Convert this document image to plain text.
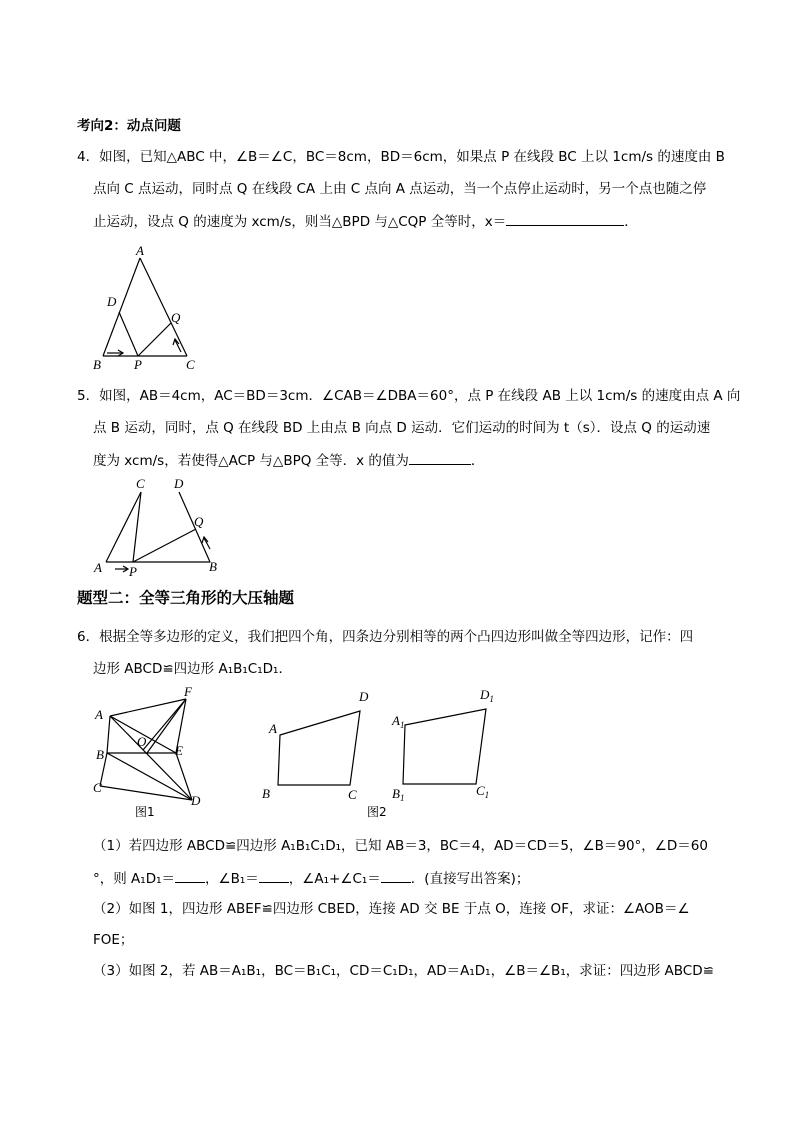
考向2：动点问题
4．如图，已知△ABC 中，∠B＝∠C，BC＝8cm，BD＝6cm，如果点 P 在线段 BC 上以 1cm/s 的速度由 B
点向 C 点运动，同时点 Q 在线段 CA 上由 C 点向 A 点运动，当一个点停止运动时，另一个点也随之停
止运动，设点 Q 的速度为 xcm/s，则当△BPD 与△CQP 全等时，x＝	．
A
D
Q
B	P	C
5．如图，AB＝4cm，AC＝BD＝3cm．∠CAB＝∠DBA＝60°，点 P 在线段 AB 上以 1cm/s 的速度由点 A 向
点 B 运动，同时，点 Q 在线段 BD 上由点 B 向点 D 运动．它们运动的时间为 t（s）．设点 Q 的运动速
度为 xcm/s，若使得△ACP 与△BPQ 全等．x 的值为	．
C D
Q
A P	B
题型二：全等三角形的大压轴题
6．根据全等多边形的定义，我们把四个角，四条边分别相等的两个凸四边形叫做全等四边形，记作：四
边形 ABCD≌四边形 A₁B₁C₁D₁．
A
F
O
B	E
C
D
图1
A
D
B	C
$A_1$
$D_1$
$B_1$	$C_1$
图2
（1）若四边形 ABCD≌四边形 A₁B₁C₁D₁，已知 AB＝3，BC＝4，AD＝CD＝5，∠B＝90°，∠D＝60
°，则 A₁D₁＝ ，∠B₁＝ ，∠A₁+∠C₁＝ ．(直接写出答案)；
（2）如图 1，四边形 ABEF≌四边形 CBED，连接 AD 交 BE 于点 O，连接 OF，求证：∠AOB＝∠
FOE；
（3）如图 2，若 AB＝A₁B₁，BC＝B₁C₁，CD＝C₁D₁，AD＝A₁D₁，∠B＝∠B₁，求证：四边形 ABCD≌
